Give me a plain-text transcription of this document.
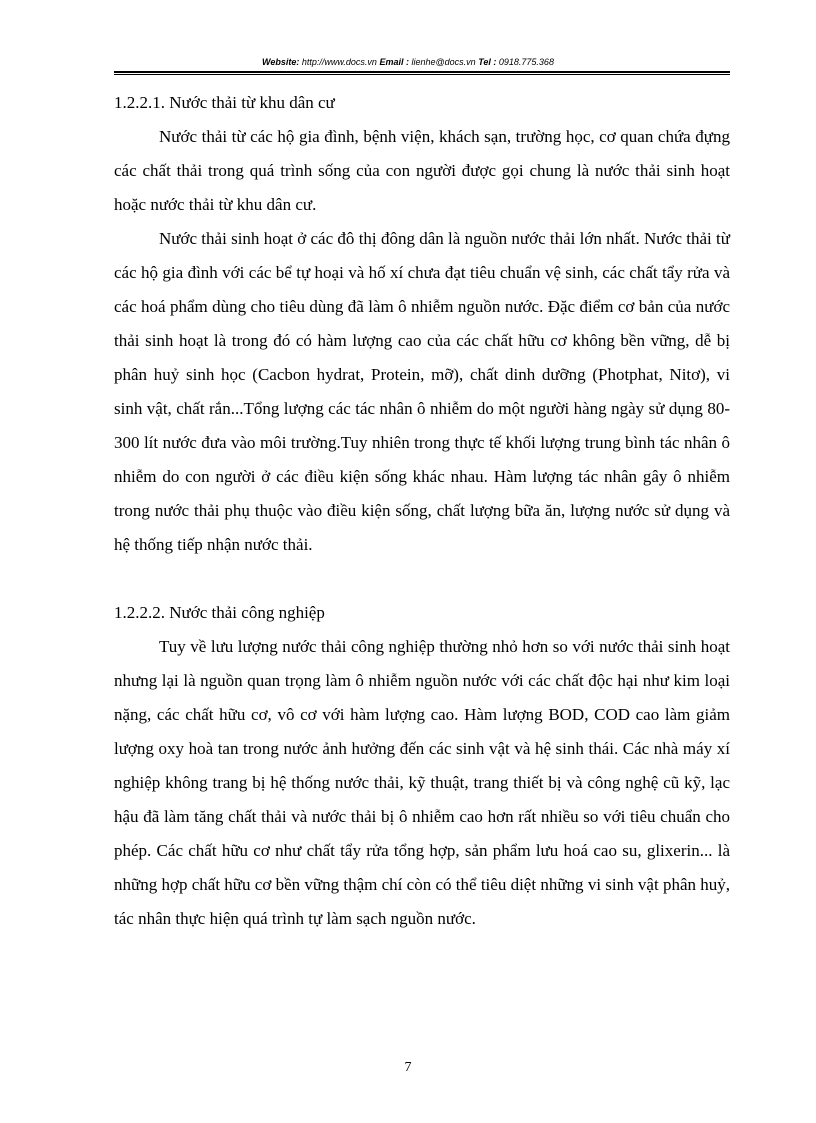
Website: http://www.docs.vn Email : lienhe@docs.vn Tel : 0918.775.368
1.2.2.1. Nước thải từ khu dân cư

Nước thải từ các hộ gia đình, bệnh viện, khách sạn, trường học, cơ quan chứa đựng các chất thải trong quá trình sống của con người được gọi chung là nước thải sinh hoạt hoặc nước thải từ khu dân cư.

Nước thải sinh hoạt ở các đô thị đông dân là nguồn nước thải lớn nhất. Nước thải từ các hộ gia đình với các bể tự hoại và hố xí chưa đạt tiêu chuẩn vệ sinh, các chất tẩy rửa và các hoá phẩm dùng cho tiêu dùng đã làm ô nhiễm nguồn nước. Đặc điểm cơ bản của nước thải sinh hoạt là trong đó có hàm lượng cao của các chất hữu cơ không bền vững, dễ bị phân huỷ sinh học (Cacbon hydrat, Protein, mỡ), chất dinh dưỡng (Photphat, Nitơ), vi sinh vật, chất rắn...Tổng lượng các tác nhân ô nhiễm do một người hàng ngày sử dụng 80-300 lít nước đưa vào môi trường.Tuy nhiên trong thực tế khối lượng trung bình tác nhân ô nhiễm do con người ở các điều kiện sống khác nhau. Hàm lượng tác nhân gây ô nhiễm trong nước thải phụ thuộc vào điều kiện sống, chất lượng bữa ăn, lượng nước sử dụng và hệ thống tiếp nhận nước thải.

1.2.2.2. Nước thải công nghiệp

Tuy về lưu lượng nước thải công nghiệp thường nhỏ hơn so với nước thải sinh hoạt nhưng lại là nguồn quan trọng làm ô nhiễm nguồn nước với các chất độc hại như kim loại nặng, các chất hữu cơ, vô cơ với hàm lượng cao. Hàm lượng BOD, COD cao làm giảm lượng oxy hoà tan trong nước ảnh hưởng đến các sinh vật và hệ sinh thái. Các nhà máy xí nghiệp không trang bị hệ thống nước thải, kỹ thuật, trang thiết bị và công nghệ cũ kỹ, lạc hậu đã làm tăng chất thải và nước thải bị ô nhiễm cao hơn rất nhiều so với tiêu chuẩn cho phép. Các chất hữu cơ như chất tẩy rửa tổng hợp, sản phẩm lưu hoá cao su, glixerin... là những hợp chất hữu cơ bền vững thậm chí còn có thể tiêu diệt những vi sinh vật phân huỷ, tác nhân thực hiện quá trình tự làm sạch nguồn nước.

7
